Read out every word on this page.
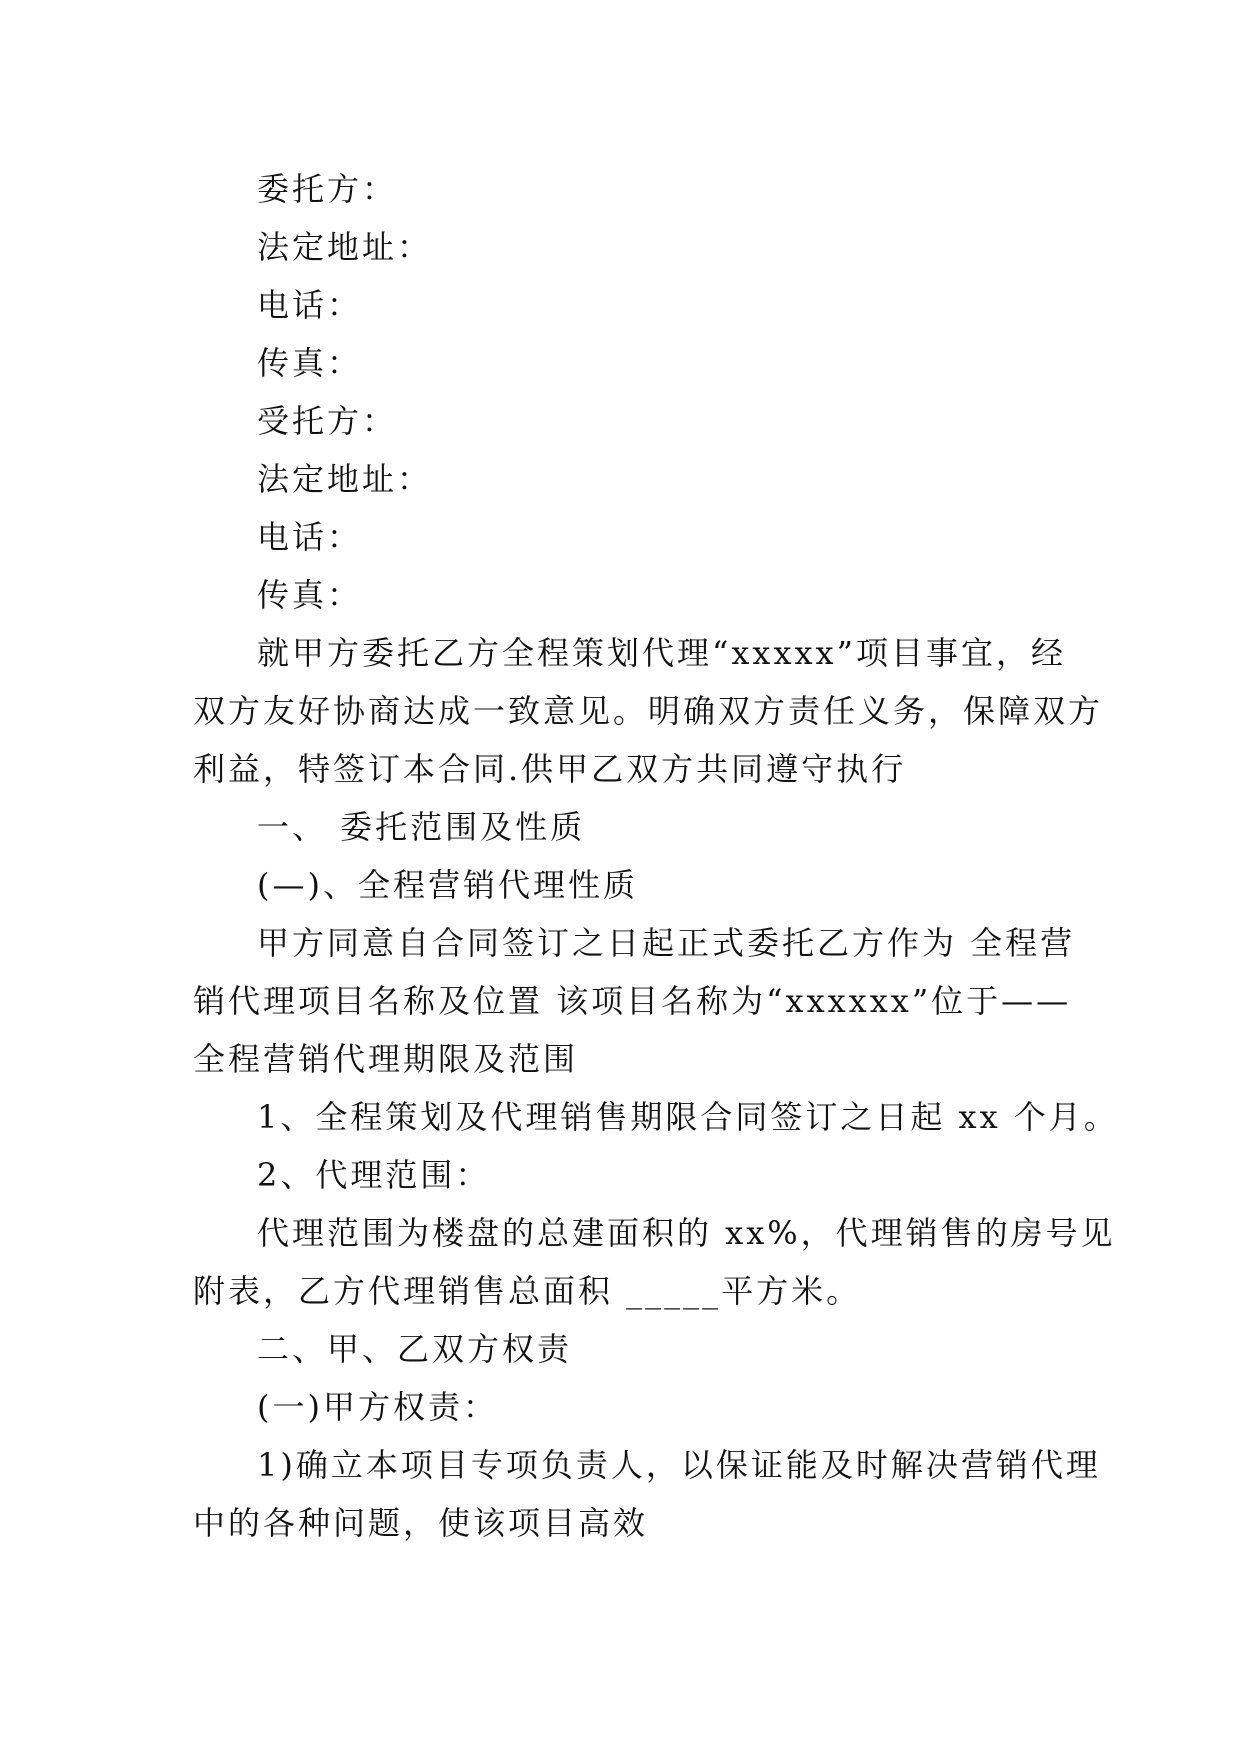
委托方：
法定地址：
电话：
传真：
受托方：
法定地址：
电话：
传真：
就甲方委托乙方全程策划代理“xxxxx”项目事宜，经
双方友好协商达成一致意见。明确双方责任义务，保障双方
利益，特签订本合同.供甲乙双方共同遵守执行
一、 委托范围及性质
(—)、全程营销代理性质
甲方同意自合同签订之日起正式委托乙方作为 全程营
销代理项目名称及位置 该项目名称为“xxxxxx”位于——
全程营销代理期限及范围
1、全程策划及代理销售期限合同签订之日起 xx 个月。
2、代理范围：
代理范围为楼盘的总建面积的 xx%，代理销售的房号见
附表，乙方代理销售总面积 _____平方米。
二、甲、乙双方权责
(一)甲方权责：
1)确立本项目专项负责人，以保证能及时解决营销代理
中的各种问题，使该项目高效
